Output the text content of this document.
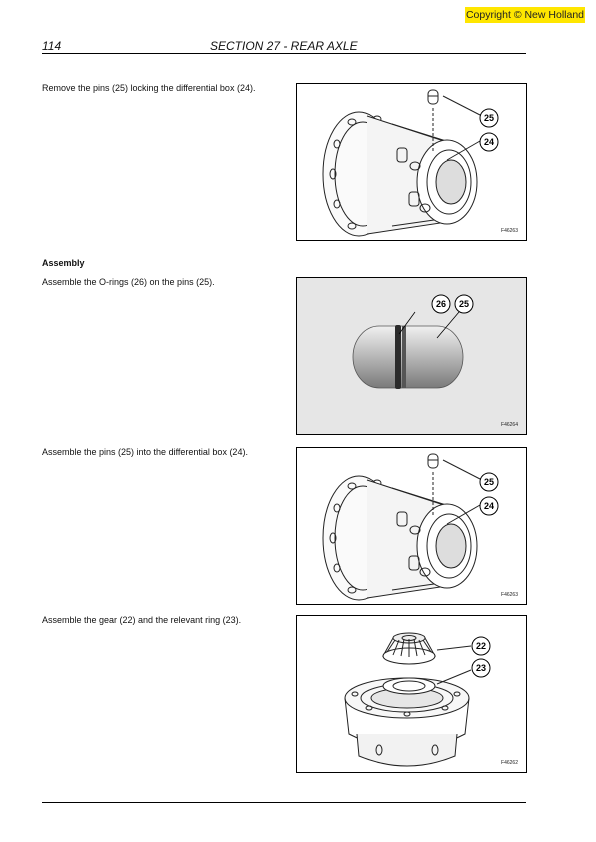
Copyright © New Holland
114	SECTION 27 - REAR AXLE
Remove the pins (25) locking the differential box (24).
25
24
F46263
Assembly
Assemble the O-rings (26) on the pins (25).
26 25
F46264
Assemble the pins (25) into the differential box (24).
25
24
F46263
Assemble the gear (22) and the relevant ring (23).
22
23
F46262
